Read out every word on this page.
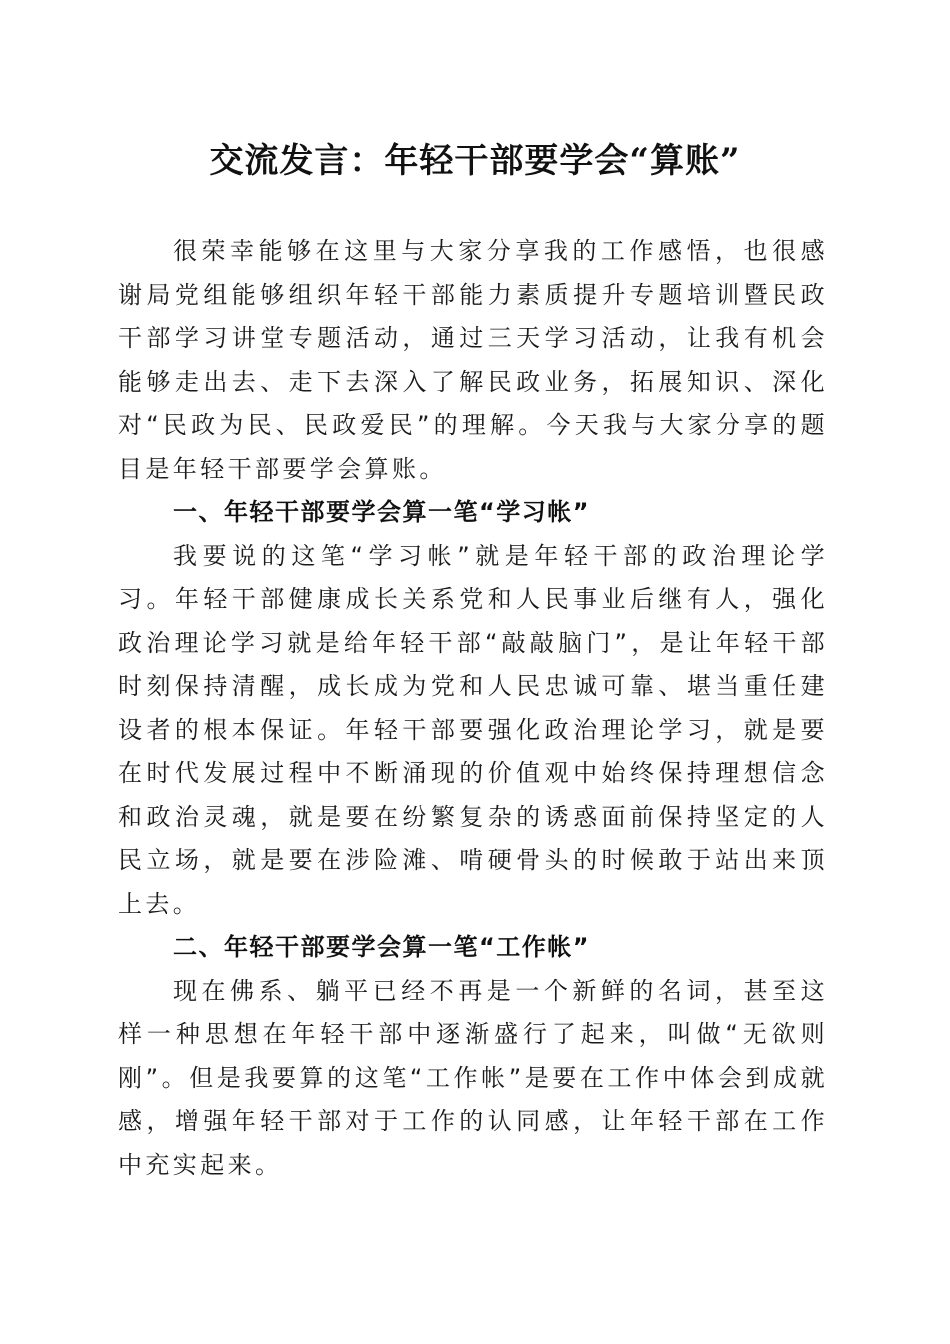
交流发言：年轻干部要学会“算账”

很荣幸能够在这里与大家分享我的工作感悟，也很感谢局党组能够组织年轻干部能力素质提升专题培训暨民政干部学习讲堂专题活动，通过三天学习活动，让我有机会能够走出去、走下去深入了解民政业务，拓展知识、深化对“民政为民、民政爱民”的理解。今天我与大家分享的题目是年轻干部要学会算账。

一、年轻干部要学会算一笔“学习帐”

我要说的这笔“学习帐”就是年轻干部的政治理论学习。年轻干部健康成长关系党和人民事业后继有人，强化政治理论学习就是给年轻干部“敲敲脑门”，是让年轻干部时刻保持清醒，成长成为党和人民忠诚可靠、堪当重任建设者的根本保证。年轻干部要强化政治理论学习，就是要在时代发展过程中不断涌现的价值观中始终保持理想信念和政治灵魂，就是要在纷繁复杂的诱惑面前保持坚定的人民立场，就是要在涉险滩、啃硬骨头的时候敢于站出来顶上去。

二、年轻干部要学会算一笔“工作帐”

现在佛系、躺平已经不再是一个新鲜的名词，甚至这样一种思想在年轻干部中逐渐盛行了起来，叫做“无欲则刚”。但是我要算的这笔“工作帐”是要在工作中体会到成就感，增强年轻干部对于工作的认同感，让年轻干部在工作中充实起来。
